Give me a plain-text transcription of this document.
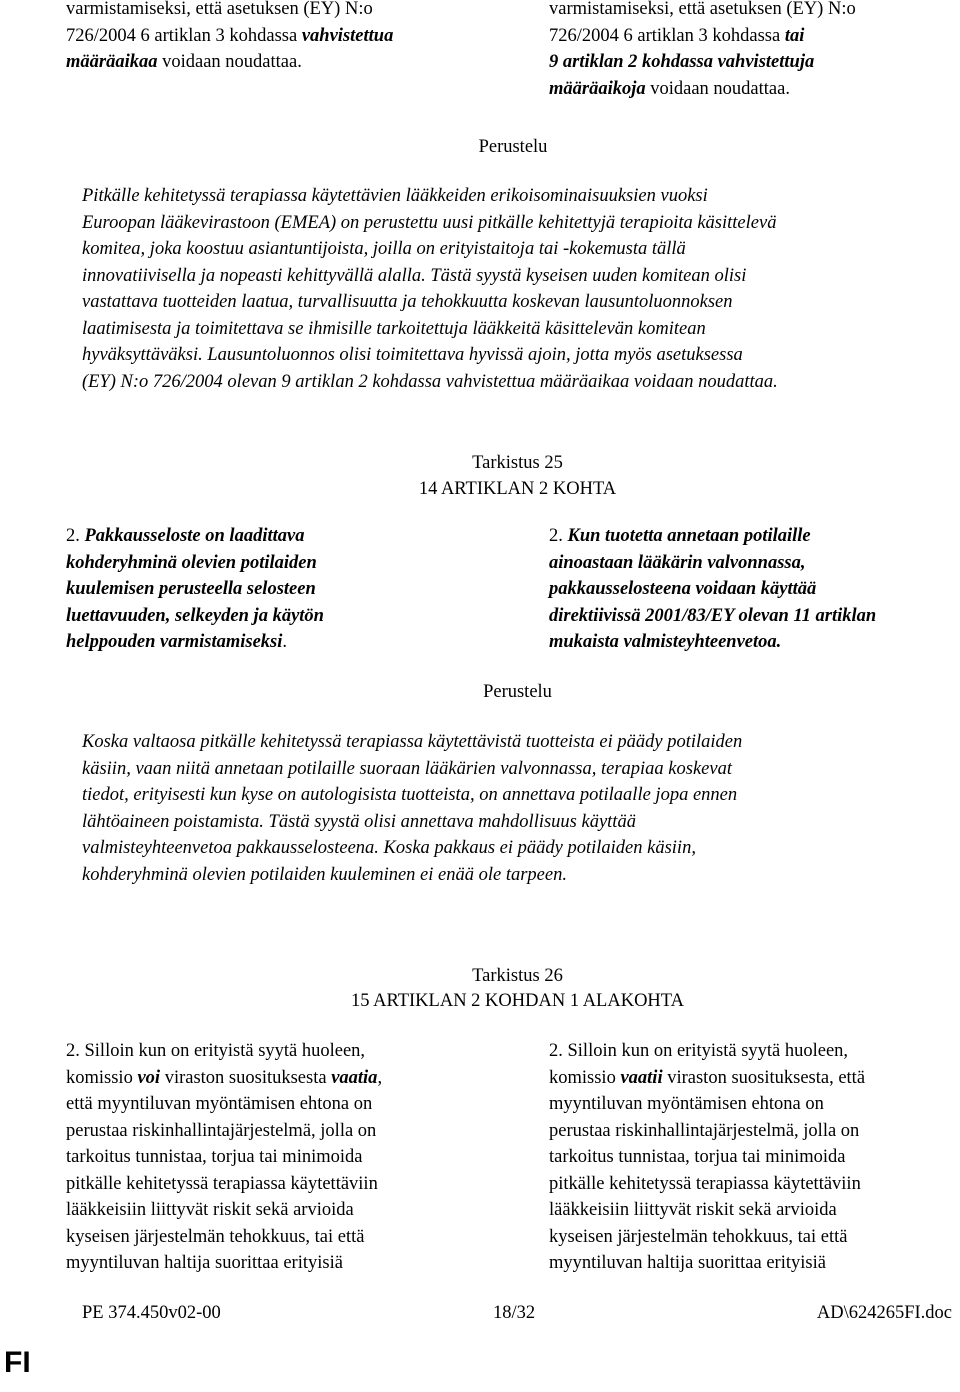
varmistamiseksi, että asetuksen (EY) N:o

726/2004 6 artiklan 3 kohdassa vahvistettua

määräaikaa voidaan noudattaa.

varmistamiseksi, että asetuksen (EY) N:o

726/2004 6 artiklan 3 kohdassa tai

9 artiklan 2 kohdassa vahvistettuja

määräaikoja voidaan noudattaa.

Perustelu

Pitkälle kehitetyssä terapiassa käytettävien lääkkeiden erikoisominaisuuksien vuoksi

Euroopan lääkevirastoon (EMEA) on perustettu uusi pitkälle kehitettyjä terapioita käsittelevä

komitea, joka koostuu asiantuntijoista, joilla on erityistaitoja tai -kokemusta tällä

innovatiivisella ja nopeasti kehittyvällä alalla. Tästä syystä kyseisen uuden komitean olisi

vastattava tuotteiden laatua, turvallisuutta ja tehokkuutta koskevan lausuntoluonnoksen

laatimisesta ja toimitettava se ihmisille tarkoitettuja lääkkeitä käsittelevän komitean

hyväksyttäväksi. Lausuntoluonnos olisi toimitettava hyvissä ajoin, jotta myös asetuksessa

(EY) N:o 726/2004 olevan 9 artiklan 2 kohdassa vahvistettua määräaikaa voidaan noudattaa.

Tarkistus 25
14 ARTIKLAN 2 KOHTA

2. Pakkausseloste on laadittava

kohderyhminä olevien potilaiden

kuulemisen perusteella selosteen

luettavuuden, selkeyden ja käytön

helppouden varmistamiseksi.

2. Kun tuotetta annetaan potilaille

ainoastaan lääkärin valvonnassa,

pakkausselosteena voidaan käyttää

direktiivissä 2001/83/EY olevan 11 artiklan

mukaista valmisteyhteenvetoa.

Perustelu

Koska valtaosa pitkälle kehitetyssä terapiassa käytettävistä tuotteista ei päädy potilaiden

käsiin, vaan niitä annetaan potilaille suoraan lääkärien valvonnassa, terapiaa koskevat

tiedot, erityisesti kun kyse on autologisista tuotteista, on annettava potilaalle jopa ennen

lähtöaineen poistamista. Tästä syystä olisi annettava mahdollisuus käyttää

valmisteyhteenvetoa pakkausselosteena. Koska pakkaus ei päädy potilaiden käsiin,

kohderyhminä olevien potilaiden kuuleminen ei enää ole tarpeen.

Tarkistus 26
15 ARTIKLAN 2 KOHDAN 1 ALAKOHTA

2. Silloin kun on erityistä syytä huoleen,

komissio voi viraston suosituksesta vaatia,

että myyntiluvan myöntämisen ehtona on

perustaa riskinhallintajärjestelmä, jolla on

tarkoitus tunnistaa, torjua tai minimoida

pitkälle kehitetyssä terapiassa käytettäviin

lääkkeisiin liittyvät riskit sekä arvioida

kyseisen järjestelmän tehokkuus, tai että

myyntiluvan haltija suorittaa erityisiä

2. Silloin kun on erityistä syytä huoleen,

komissio vaatii viraston suosituksesta, että

myyntiluvan myöntämisen ehtona on

perustaa riskinhallintajärjestelmä, jolla on

tarkoitus tunnistaa, torjua tai minimoida

pitkälle kehitetyssä terapiassa käytettäviin

lääkkeisiin liittyvät riskit sekä arvioida

kyseisen järjestelmän tehokkuus, tai että

myyntiluvan haltija suorittaa erityisiä

PE 374.450v02-00	18/32	AD\624265FI.doc
FI
